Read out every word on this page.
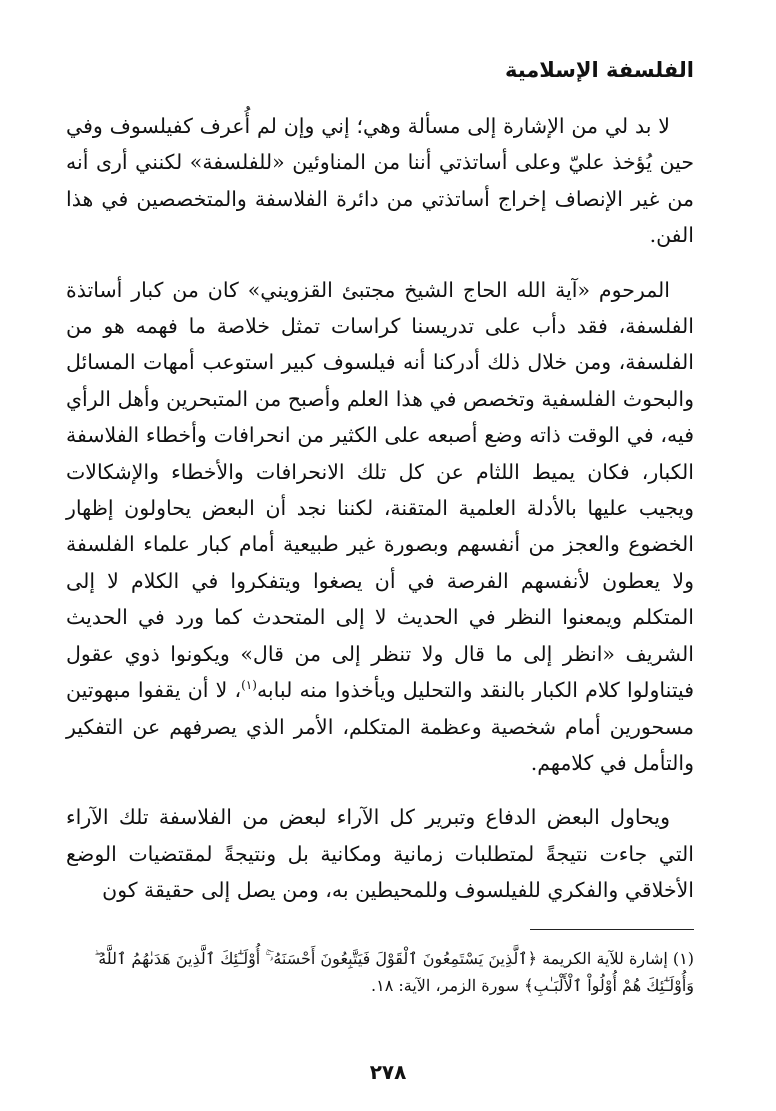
الفلسفة الإسلامية

لا بد لي من الإشارة إلى مسألة وهي؛ إني وإن لم أُعرف كفيلسوف وفي حين يُؤخذ عليّ وعلى أساتذتي أننا من المناوئين «للفلسفة» لكنني أرى أنه من غير الإنصاف إخراج أساتذتي من دائرة الفلاسفة والمتخصصين في هذا الفن.

المرحوم «آية الله الحاج الشيخ مجتبئ القزويني» كان من كبار أساتذة الفلسفة، فقد دأب على تدريسنا كراسات تمثل خلاصة ما فهمه هو من الفلسفة، ومن خلال ذلك أدركنا أنه فيلسوف كبير استوعب أمهات المسائل والبحوث الفلسفية وتخصص في هذا العلم وأصبح من المتبحرين وأهل الرأي فيه، في الوقت ذاته وضع أصبعه على الكثير من انحرافات وأخطاء الفلاسفة الكبار، فكان يميط اللثام عن كل تلك الانحرافات والأخطاء والإشكالات ويجيب عليها بالأدلة العلمية المتقنة، لكننا نجد أن البعض يحاولون إظهار الخضوع والعجز من أنفسهم وبصورة غير طبيعية أمام كبار علماء الفلسفة ولا يعطون لأنفسهم الفرصة في أن يصغوا ويتفكروا في الكلام لا إلى المتكلم ويمعنوا النظر في الحديث لا إلى المتحدث كما ورد في الحديث الشريف «انظر إلى ما قال ولا تنظر إلى من قال» ويكونوا ذوي عقول فيتناولوا كلام الكبار بالنقد والتحليل ويأخذوا منه لبابه$^{(١)}$، لا أن يقفوا مبهوتين مسحورين أمام شخصية وعظمة المتكلم، الأمر الذي يصرفهم عن التفكير والتأمل في كلامهم.

ويحاول البعض الدفاع وتبرير كل الآراء لبعض من الفلاسفة تلك الآراء التي جاءت نتيجةً لمتطلبات زمانية ومكانية بل ونتيجةً لمقتضيات الوضع الأخلاقي والفكري للفيلسوف وللمحيطين به، ومن يصل إلى حقيقة كون

(١) إشارة للآية الكريمة ﴿ٱلَّذِينَ يَسْتَمِعُونَ ٱلْقَوْلَ فَيَتَّبِعُونَ أَحْسَنَهُۥٓ ۚ أُوْلَـٰٓئِكَ ٱلَّذِينَ هَدَىٰهُمُ ٱللَّهُ ۖ وَأُوْلَـٰٓئِكَ هُمْ أُوْلُواْ ٱلْأَلْبَـٰبِ﴾ سورة الزمر، الآية: ١٨.
٢٧٨
